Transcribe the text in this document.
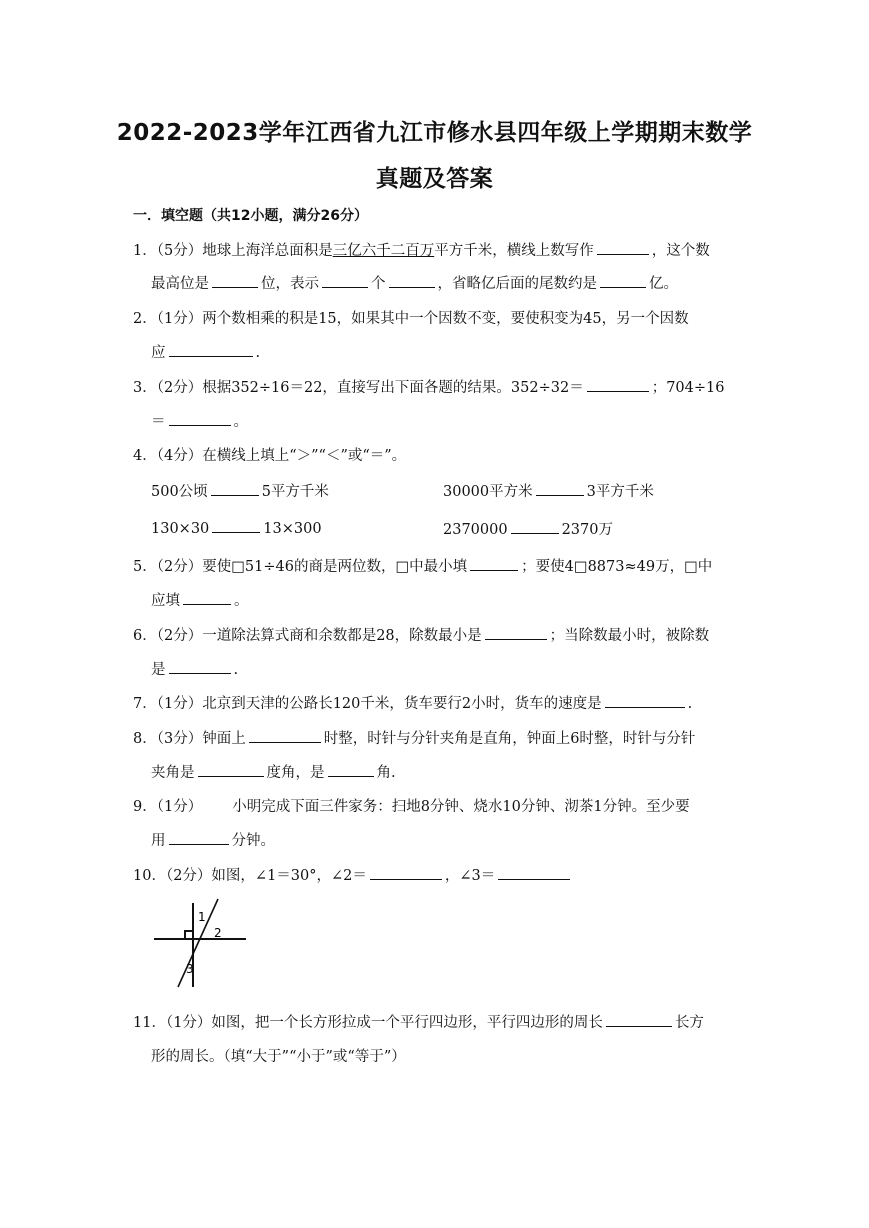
2022-2023学年江西省九江市修水县四年级上学期期末数学
真题及答案
一．填空题（共12小题，满分26分）
1．（5分）地球上海洋总面积是三亿六千二百万平方千米，横线上数写作	，这个数
最高位是	位，表示	个	，省略亿后面的尾数约是	亿。
2．（1分）两个数相乘的积是15，如果其中一个因数不变，要使积变为45，另一个因数
应	.
3．（2分）根据352÷16＝22，直接写出下面各题的结果。352÷32＝	；704÷16
＝	。
4．（4分）在横线上填上“＞”“＜”或“＝”。
500公顷	5平方千米	30000平方米	3平方千米
130×30	13×300	2370000	2370万
5．（2分）要使□51÷46的商是两位数，□中最小填	；要使4□8873≈49万，□中
应填	。
6．（2分）一道除法算式商和余数都是28，除数最小是	；当除数最小时，被除数
是	.
7．（1分）北京到天津的公路长120千米，货车要行2小时，货车的速度是	.
8．（3分）钟面上	时整，时针与分针夹角是直角，钟面上6时整，时针与分针
夹角是	度角，是	角.
9．（1分） 小明完成下面三件家务：扫地8分钟、烧水10分钟、沏茶1分钟。至少要
用	分钟。
10．（2分）如图，∠1＝30°，∠2＝	，∠3＝
1
2
3
11．（1分）如图，把一个长方形拉成一个平行四边形，平行四边形的周长	长方
形的周长。（填“大于”“小于”或“等于”）
